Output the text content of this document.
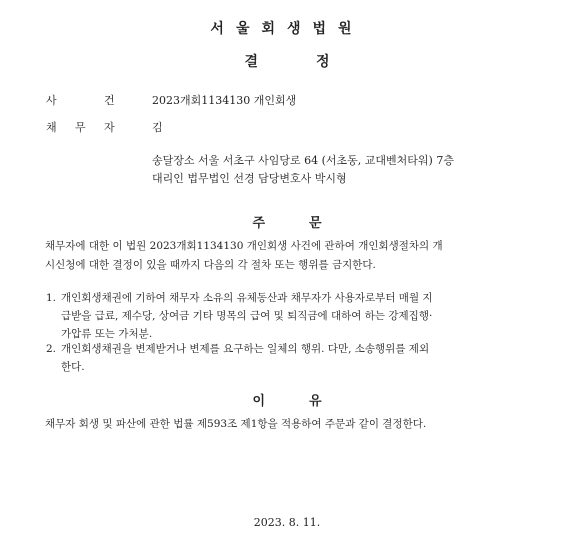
서울회생법원
결	정
사	건	2023개회1134130 개인회생
채 무 자	김
송달장소 서울 서초구 사임당로 64 (서초동, 교대벤처타워) 7층
대리인 법무법인 선경 담당변호사 박시형
주	문
채무자에 대한 이 법원 2023개회1134130 개인회생 사건에 관하여 개인회생절차의 개
시신청에 대한 결정이 있을 때까지 다음의 각 절차 또는 행위를 금지한다.
1. 개인회생채권에 기하여 채무자 소유의 유체동산과 채무자가 사용자로부터 매월 지
급받을 급료, 제수당, 상여금 기타 명목의 급여 및 퇴직금에 대하여 하는 강제집행·
가압류 또는 가처분.
2. 개인회생채권을 변제받거나 변제를 요구하는 일체의 행위. 다만, 소송행위를 제외
한다.
이	유
채무자 회생 및 파산에 관한 법률 제593조 제1항을 적용하여 주문과 같이 결정한다.
2023. 8. 11.
